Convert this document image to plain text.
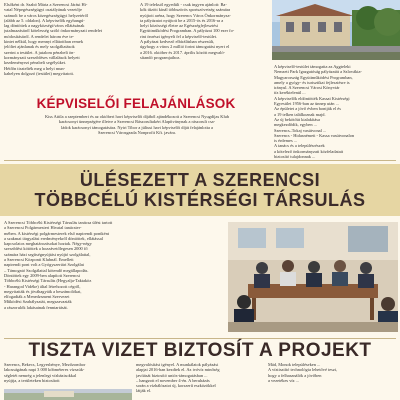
Elsőként dr. Szabó Mária a Szerencsi Járási Hi-

vatal Népegészségügyi osztályának vezetője

számolt be a város közegészségügyi helyzetéről

(alább az 5. oldalon). A képviselők egyhangú-

lag döntöttek a nagyközségi/város ellátásának

jutalmazásáról kötelesség szóló önkormányzati rendelet

módosításáról. A rendelet három éve te-

kintet nélkül, hogy mennyi ellátottban remek

jelöltet ajánlanak és mely szolgáltatások

szerint a testület. A jutalom pénzbeli ön-

kormányzati szerződéses vállalások helyett

kezdeményezi pénzbeli segélyüket.

Hétfőn tisztelték meg a helyi mun-

kahelyen dolgozó (testület) megvitatott.

A 19 teleksól egyedüli - csak ingyen ajánlott: Ba-

kók tűzött kínál többszörös sportszövetség számára

nyújtott aréna, hogy Szerencs Város Önkormányza-

ta pályázatot nyújtott be a 2015-ös és 2016-ra a

helyi közösségi életre az Egészségfejlesztési

Együttműködési Programban. A pályázat 100 ezer fo-

rint önrészt igényelt fel a képviselő-testület.

A pályázat kedvező elbírálásban részesült,

úgyhogy a város 2 millió forint támogatást nyert el

a 2016. október és 2017. április között megvaló-

sítandó programjaihoz.

A képviselő-testület támogatta az Aggteleki

Nemzeti Park Igazgatóság pályázatát a Szlovákia-

Magyarország Együttműködési Programban,

amely a gyógy- és turisztikai fejlesztésre is

irányul. A Szerencsi Városi Könyvtár

tíz keréktelenül ...

A képviselők eldöntötték Kassai Kistérségi

Egyesület 1956-ban az ünnep után ...

Az épületet a jövő évben bontják el és

a 19 telken találkoznak majd.

Az új bekötőút kialakítása

megkezdődik, egyben ...

Szerencs–Tokaj vasútvonal ...

Szerencs - Hidasnémeti - Kassa vasútvonalon

is érdemes ...

A tanács és a településrészek

a kötelező önkormányzati közfeladatait

biztosító tulajdonnak ...

KÉPVISELŐI FELAJÁNLÁSOK

Kiss Attila a szeptemberi és az októberi havi képviselői díjából ajándékozott a Szerencsi Nyugdíjas Klub

karácsonyi ünnepségére illetve a Szerencsi Rászorultakért Alapítványnak a rászorult csa-

ládok karácsonyi támogatására. Nyiri Tibor a júliusi havi képviselői díját felajánlotta a

Szerencsi Városgazda Nonprofit Kft. javára.

ÜLÉSEZETT A SZERENCSI
TÖBBCÉLÚ KISTÉRSÉGI TÁRSULÁS

A Szerencsi Többcélú Kistérségi Társulás tanácsa ülést tartott

a Szerencsi Polgármesteri Hivatal tanácster-

mében. A kistérségi polgármesterek első napirendi pontként

a szakmai tárgyalási eredményekről döntöttek, ellátással

kapcsolatos meghatározásokat hoztak. Négy-négy

szerződést kötöttek a hozzávetőlegesen 2000 fő

számára házi segítségnyújtást nyújtó szolgálattal,

a Szerencsi Központi Klubnál. Emellett

napirendi pont volt a Gyógyszertári Szolgálat

– Támogató Szolgálattal kötendő megállapodás.

Döntöttek egy 2009-ben alapított Szerencsi

Többcélú Kistérségi Társulás (Hegyalja-Taktaköz

- Harangod Vidéke) által létrehozott cégről,

megvitatták és jóváhagyták a beszámolókat,

elfogadták a Menedzsment Szervezet

Működési Szabályzatát, megszavazták

a rászorulók lakásainak fenntartását.

TISZTA VIZET BIZTOSÍT A PROJEKT

Szerencs, Bekecs, Legyesbénye, Mezőzombor

lakosságának napi 3 000 köbméteres vízszük-

ségletét nemrég a jelenlegi vízbázisokkal

nyújtja, a területeken biztosított

megvalósítást igényel. A munkálatok pályázási

alapjai 2016-ban kezdtek el. Az ivóvíz minőség

javítását biztosító uniós-támogatásban ...

– hangzott el november 4-én. A beruházás

során a vízhálózatot új, korszerű eszközökkel

látják el.

Mád, Monok településeken ...

A víztisztító technológia lehetővé teszi,

hogy a felhasználók a jövőben

a vezetékes víz ...
